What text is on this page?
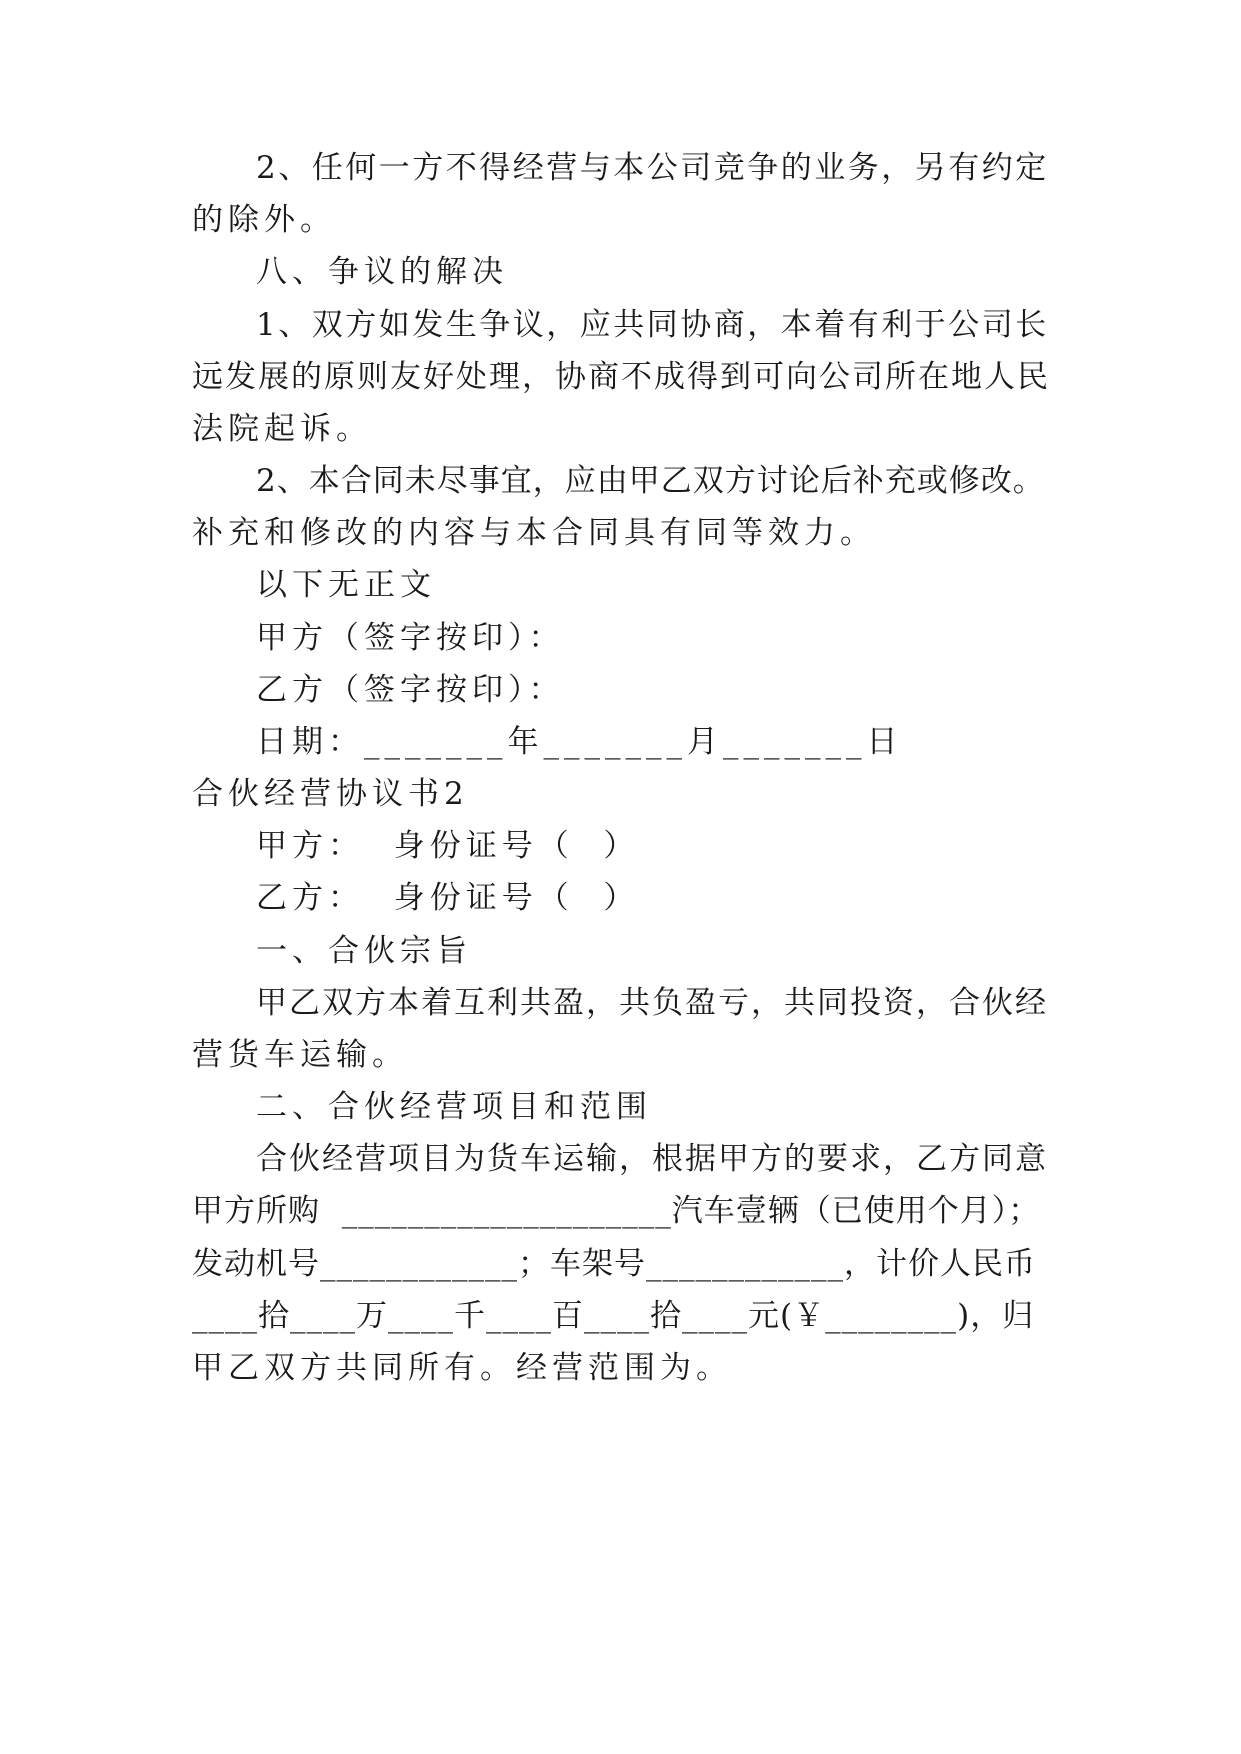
2、任何一方不得经营与本公司竞争的业务，另有约定
的除外。
八、争议的解决
1、双方如发生争议，应共同协商，本着有利于公司长
远发展的原则友好处理，协商不成得到可向公司所在地人民
法院起诉。
2、本合同未尽事宜，应由甲乙双方讨论后补充或修改。
补充和修改的内容与本合同具有同等效力。
以下无正文
甲方（签字按印）：
乙方（签字按印）：
日期：_______年_______月_______日
合伙经营协议书2
甲方：  身份证号（  ）
乙方：  身份证号（  ）
一、合伙宗旨
甲乙双方本着互利共盈，共负盈亏，共同投资，合伙经
营货车运输。
二、合伙经营项目和范围
合伙经营项目为货车运输，根据甲方的要求，乙方同意
甲方所购  ____________________汽车壹辆（已使用个月）；
发动机号____________；车架号____________，计价人民币
____拾____万____千____百____拾____元(￥________)，归
甲乙双方共同所有。经营范围为。
